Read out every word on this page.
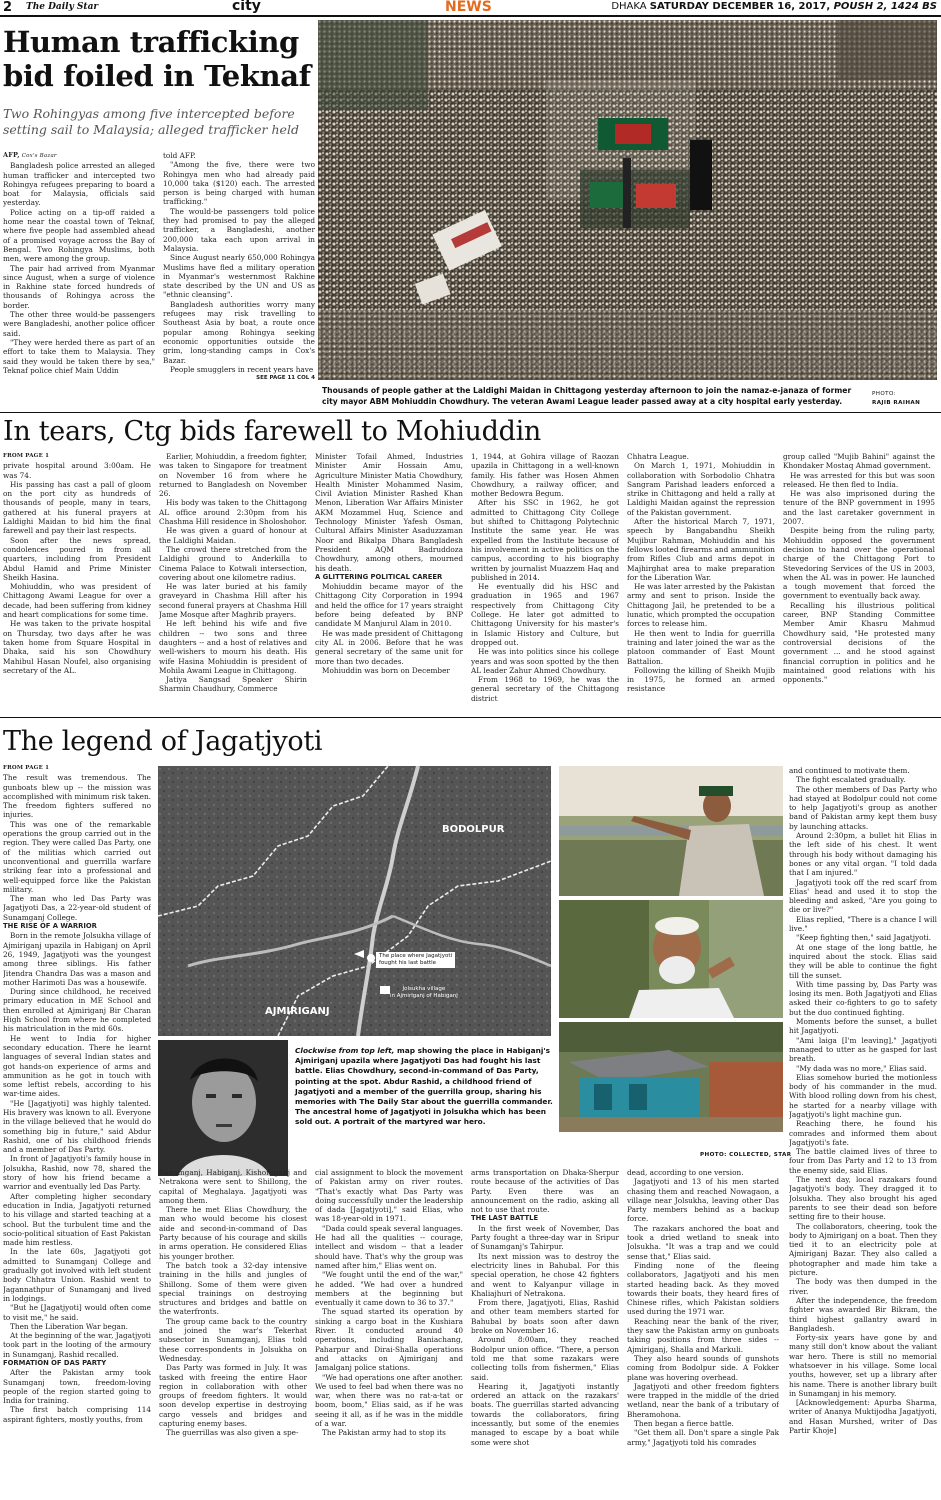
2 The Daily Star	city	NEWS	DHAKA SATURDAY DECEMBER 16, 2017, POUSH 2, 1424 BS
Human trafficking
bid foiled in Teknaf
Two Rohingyas among five intercepted before
setting sail to Malaysia; alleged trafficker held
AFP, Cox's Bazar

Bangladesh police arrested an alleged human trafficker and intercepted two Rohingya refugees preparing to board a boat for Malaysia, officials said yesterday.

Police acting on a tip-off raided a home near the coastal town of Teknaf, where five people had assembled ahead of a promised voyage across the Bay of Bengal. Two Rohingya Muslims, both men, were among the group.

The pair had arrived from Myanmar since August, when a surge of violence in Rakhine state forced hundreds of thousands of Rohingya across the border.

The other three would-be passengers were Bangladeshi, another police officer said.

"They were herded there as part of an effort to take them to Malaysia. They said they would be taken there by sea," Teknaf police chief Main Uddin

told AFP.

"Among the five, there were two Rohingya men who had already paid 10,000 taka ($120) each. The arrested person is being charged with human trafficking."

The would-be passengers told police they had promised to pay the alleged trafficker, a Bangladeshi, another 200,000 taka each upon arrival in Malaysia.

Since August nearly 650,000 Rohingya Muslims have fled a military operation in Myanmar's westernmost Rakhine state described by the UN and US as "ethnic cleansing".

Bangladesh authorities worry many refugees may risk travelling to Southeast Asia by boat, a route once popular among Rohingya seeking economic opportunities outside the grim, long-standing camps in Cox's Bazar.

People smugglers in recent years have

SEE PAGE 11 COL 4
Thousands of people gather at the Laldighi Maidan in Chittagong yesterday afternoon to join the namaz-e-janaza of former city mayor ABM Mohiuddin Chowdhury. The veteran Awami League leader passed away at a city hospital early yesterday.
PHOTO:
RAJIB RAIHAN
In tears, Ctg bids farewell to Mohiuddin
FROM PAGE 1

private hospital around 3:00am. He was 74.

His passing has cast a pall of gloom on the port city as hundreds of thousands of people, many in tears, gathered at his funeral prayers at Laldighi Maidan to bid him the final farewell and pay their last respects.

Soon after the news spread, condolences poured in from all quarters, including from President Abdul Hamid and Prime Minister Sheikh Hasina.

Mohiuddin, who was president of Chittagong Awami League for over a decade, had been suffering from kidney and heart complications for some time.

He was taken to the private hospital on Thursday, two days after he was taken home from Square Hospital in Dhaka, said his son Chowdhury Mahibul Hasan Noufel, also organising secretary of the AL.

Earlier, Mohiuddin, a freedom fighter, was taken to Singapore for treatment on November 16 from where he returned to Bangladesh on November 26.

His body was taken to the Chittagong AL office around 2:30pm from his Chashma Hill residence in Sholoshohor.

He was given a guard of honour at the Laldighi Maidan.

The crowd there stretched from the Laldighi ground to Anderkilla to Cinema Palace to Kotwali intersection, covering about one kilometre radius.

He was later buried at his family graveyard in Chashma Hill after his second funeral prayers at Chashma Hill Jame Mosque after Maghrib prayers.

He left behind his wife and five children -- two sons and three daughters -- and a host of relatives and well-wishers to mourn his death. His wife Hasina Mohiuddin is president of Mohila Awami League in Chittagong.

Jatiya Sangsad Speaker Shirin Sharmin Chaudhury, Commerce

Minister Tofail Ahmed, Industries Minister Amir Hossain Amu, Agriculture Minister Matia Chowdhury, Health Minister Mohammed Nasim, Civil Aviation Minister Rashed Khan Menon, Liberation War Affairs Minister AKM Mozammel Huq, Science and Technology Minister Yafesh Osman, Cultural Affairs Minister Asaduzzaman Noor and Bikalpa Dhara Bangladesh President AQM Badruddoza Chowdhury, among others, mourned his death.

A GLITTERING POLITICAL CAREER

Mohiuddin became mayor of the Chittagong City Corporation in 1994 and held the office for 17 years straight before being defeated by BNP candidate M Manjurul Alam in 2010.

He was made president of Chittagong city AL in 2006. Before that he was general secretary of the same unit for more than two decades.

Mohiuddin was born on December

1, 1944, at Gohira village of Raozan upazila in Chittagong in a well-known family. His father was Hosen Ahmen Chowdhury, a railway officer, and mother Bedowra Begum.

After his SSC in 1962, he got admitted to Chittagong City College but shifted to Chittagong Polytechnic Institute the same year. He was expelled from the Institute because of his involvement in active politics on the campus, according to his biography written by journalist Muazzem Haq and published in 2014.

He eventually did his HSC and graduation in 1965 and 1967 respectively from Chittagong City College. He later got admitted to Chittagong University for his master's in Islamic History and Culture, but dropped out.

He was into politics since his college years and was soon spotted by the then AL leader Zahur Ahmed Chowdhury.

From 1968 to 1969, he was the general secretary of the Chittagong district

Chhatra League.

On March 1, 1971, Mohiuddin in collaboration with Sorbodolio Chhatra Sangram Parishad leaders enforced a strike in Chittagong and held a rally at Laldighi Maidan against the repression of the Pakistan government.

After the historical March 7, 1971, speech by Bangabandhu Sheikh Mujibur Rahman, Mohiuddin and his fellows looted firearms and ammunition from Rifles Club and arms depot in Majhirghat area to make preparation for the Liberation War.

He was later arrested by the Pakistan army and sent to prison. Inside the Chittagong Jail, he pretended to be a lunatic, which prompted the occupation forces to release him.

He then went to India for guerrilla training and later joined the war as the platoon commander of East Mount Battalion.

Following the killing of Sheikh Mujib in 1975, he formed an armed resistance

group called "Mujib Bahini" against the Khondaker Mostaq Ahmad government.

He was arrested for this but was soon released. He then fled to India.

He was also imprisoned during the tenure of the BNP government in 1995 and the last caretaker government in 2007.

Despite being from the ruling party, Mohiuddin opposed the government decision to hand over the operational charge of the Chittagong Port to Stevedoring Services of the US in 2003, when the AL was in power. He launched a tough movement that forced the government to eventually back away.

Recalling his illustrious political career, BNP Standing Committee Member Amir Khasru Mahmud Chowdhury said, "He protested many controversial decisions of the government ... and he stood against financial corruption in politics and he maintained good relations with his opponents."

The legend of Jagatjyoti
FROM PAGE 1

The result was tremendous. The gunboats blew up -- the mission was accomplished with minimum risk taken. The freedom fighters suffered no injuries.

This was one of the remarkable operations the group carried out in the region. They were called Das Party, one of the militias which carried out unconventional and guerrilla warfare striking fear into a professional and well-equipped force like the Pakistan military.

The man who led Das Party was Jagatjyoti Das, a 22-year-old student of Sunamganj College.

THE RISE OF A WARRIOR

Born in the remote Jolsukha village of Ajmiriganj upazila in Habiganj on April 26, 1949, Jagatjyoti was the youngest among three siblings. His father Jitendra Chandra Das was a mason and mother Harimoti Das was a housewife.

During since childhood, he received primary education in ME School and then enrolled at Ajmiriganj Bir Charan High School from where he completed his matriculation in the mid 60s.

He went to India for higher secondary education. There he learnt languages of several Indian states and got hands-on experience of arms and ammunition as he got in touch with some leftist rebels, according to his war-time aides.

"He [Jagatjyoti] was highly talented. His bravery was known to all. Everyone in the village believed that he would do something big in future," said Abdur Rashid, one of his childhood friends and a member of Das Party.

In front of Jagatjyoti's family house in Jolsukha, Rashid, now 78, shared the story of how his friend became a warrior and eventually led Das Party.

After completing higher secondary education in India, Jagatjyoti returned to his village and started teaching at a school. But the turbulent time and the socio-political situation of East Pakistan made him restless.

In the late 60s, Jagatjyoti got admitted to Sunamganj College and gradually got involved with left student body Chhatra Union. Rashid went to Jagannathpur of Sunamganj and lived in lodgings.

"But he [Jagatjyoti] would often come to visit me," he said.

Then the Liberation War began.

At the beginning of the war, Jagatjyoti took part in the looting of the armoury in Sunamganj, Rashid recalled.

FORMATION OF DAS PARTY

After the Pakistan army took Sunamganj town, freedom-loving people of the region started going to India for training.

The first batch comprising 114 aspirant fighters, mostly youths, from

BODOLPUR
AJMIRIGANJ
The place where Jagatjyoti
fought his last battle
Jolsukha village
in Ajmiriganj of Habiganj
Clockwise from top left, map showing the place in Habiganj's Ajmiriganj upazila where Jagatjyoti Das had fought his last battle. Elias Chowdhury, second-in-command of Das Party, pointing at the spot. Abdur Rashid, a childhood friend of Jagatjyoti and a member of the guerrilla group, sharing his memories with The Daily Star about the guerrilla commander. The ancestral home of Jagatjyoti in Jolsukha which has been sold out. A portrait of the martyred war hero.
PHOTO: COLLECTED, STAR

Sunamganj, Habiganj, Kishoreganj and Netrakona were sent to Shillong, the capital of Meghalaya. Jagatjyoti was among them.

There he met Elias Chowdhury, the man who would become his closest aide and second-in-command of Das Party because of his courage and skills in arms operation. He considered Elias his younger brother.

The batch took a 32-day intensive training in the hills and jungles of Shillong. Some of them were given special trainings on destroying structures and bridges and battle on the waterfronts.

The group came back to the country and joined the war's Tekerhat subsector in Sunamganj, Elias told these correspondents in Jolsukha on Wednesday.

Das Party was formed in July. It was tasked with freeing the entire Haor region in collaboration with other groups of freedom fighters. It would soon develop expertise in destroying cargo vessels and bridges and capturing enemy bases.

The guerrillas was also given a spe-

cial assignment to block the movement of Pakistan army on river routes. "That's exactly what Das Party was doing successfully under the leadership of dada [Jagatjyoti]," said Elias, who was 18-year-old in 1971.

"Dada could speak several languages. He had all the qualities -- courage, intellect and wisdom -- that a leader should have. That's why the group was named after him," Elias went on.

"We fought until the end of the war," he added. "We had over a hundred members at the beginning but eventually it came down to 36 to 37."

The squad started its operation by sinking a cargo boat in the Kushiara River. It conducted around 40 operations, including Baniachang, Paharpur and Dirai-Shalla operations and attacks on Ajmiriganj and Jamalganj police stations.

"We had operations one after another. We used to feel bad when there was no war, when there was no rat-a-tat or boom, boom," Elias said, as if he was seeing it all, as if he was in the middle of a war.

The Pakistan army had to stop its

arms transportation on Dhaka-Sherpur route because of the activities of Das Party. Even there was an announcement on the radio, asking all not to use that route.

THE LAST BATTLE

In the first week of November, Das Party fought a three-day war in Sripur of Sunamganj's Tahirpur.

Its next mission was to destroy the electricity lines in Bahubal. For this special operation, he chose 42 fighters and went to Kalyanpur village in Khaliajhuri of Netrakona.

From there, Jagatjyoti, Elias, Rashid and other team members started for Bahubal by boats soon after dawn broke on November 16.

Around 8:00am, they reached Bodolpur union office. "There, a person told me that some razakars were collecting tolls from fishermen," Elias said.

Hearing it, Jagatjyoti instantly ordered an attack on the razakars' boats. The guerrillas started advancing towards the collaborators, firing incessantly, but some of the enemies managed to escape by a boat while some were shot

dead, according to one version.

Jagatjyoti and 13 of his men started chasing them and reached Nowagaon, a village near Jolsukha, leaving other Das Party members behind as a backup force.

The razakars anchored the boat and took a dried wetland to sneak into Jolsukha. "It was a trap and we could sense that," Elias said.

Finding none of the fleeing collaborators, Jagatjyoti and his men started heading back. As they moved towards their boats, they heard fires of Chinese rifles, which Pakistan soldiers used during the 1971 war.

Reaching near the bank of the river, they saw the Pakistan army on gunboats taking positions from three sides -- Ajmiriganj, Shalla and Markuli.

They also heard sounds of gunshots coming from Bodolpur side. A Fokker plane was hovering overhead.

Jagatjyoti and other freedom fighters were trapped in the middle of the dried wetland, near the bank of a tributary of Bheramohona.

Then began a fierce battle.

"Get them all. Don't spare a single Pak army," Jagatjyoti told his comrades

and continued to motivate them.

The fight escalated gradually.

The other members of Das Party who had stayed at Bodolpur could not come to help Jagatjyoti's group as another band of Pakistan army kept them busy by launching attacks.

Around 2:30pm, a bullet hit Elias in the left side of his chest. It went through his body without damaging his bones or any vital organ. "I told dada that I am injured."

Jagatjyoti took off the red scarf from Elias' head and used it to stop the bleeding and asked, "Are you going to die or live?"

Elias replied, "There is a chance I will live."

"Keep fighting then," said Jagatjyoti.

At one stage of the long battle, he inquired about the stock. Elias said they will be able to continue the fight till the sunset.

With time passing by, Das Party was losing its men. Both Jagatjyoti and Elias asked their co-fighters to go to safety but the duo continued fighting.

Moments before the sunset, a bullet hit Jagatjyoti.

"Ami laiga [I'm leaving]," Jagatjyoti managed to utter as he gasped for last breath.

"My dada was no more," Elias said.

Elias somehow buried the motionless body of his commander in the mud. With blood rolling down from his chest, he started for a nearby village with Jagatjyoti's light machine gun.

Reaching there, he found his comrades and informed them about Jagatjyoti's fate.

The battle claimed lives of three to four from Das Party and 12 to 13 from the enemy side, said Elias.

The next day, local razakars found Jagatjyoti's body. They dragged it to Jolsukha. They also brought his aged parents to see their dead son before setting fire to their house.

The collaborators, cheering, took the body to Ajmiriganj on a boat. Then they tied it to an electricity pole at Ajmiriganj Bazar. They also called a photographer and made him take a picture.

The body was then dumped in the river.

After the independence, the freedom fighter was awarded Bir Bikram, the third highest gallantry award in Bangladesh.

Forty-six years have gone by and many still don't know about the valiant war hero. There is still no memorial whatsoever in his village. Some local youths, however, set up a library after his name. There is another library built in Sunamganj in his memory.

[Acknowledgement: Apurba Sharma, writer of Ananya Muktijodha Jagatjyoti, and Hasan Murshed, writer of Das Partir Khoje]
